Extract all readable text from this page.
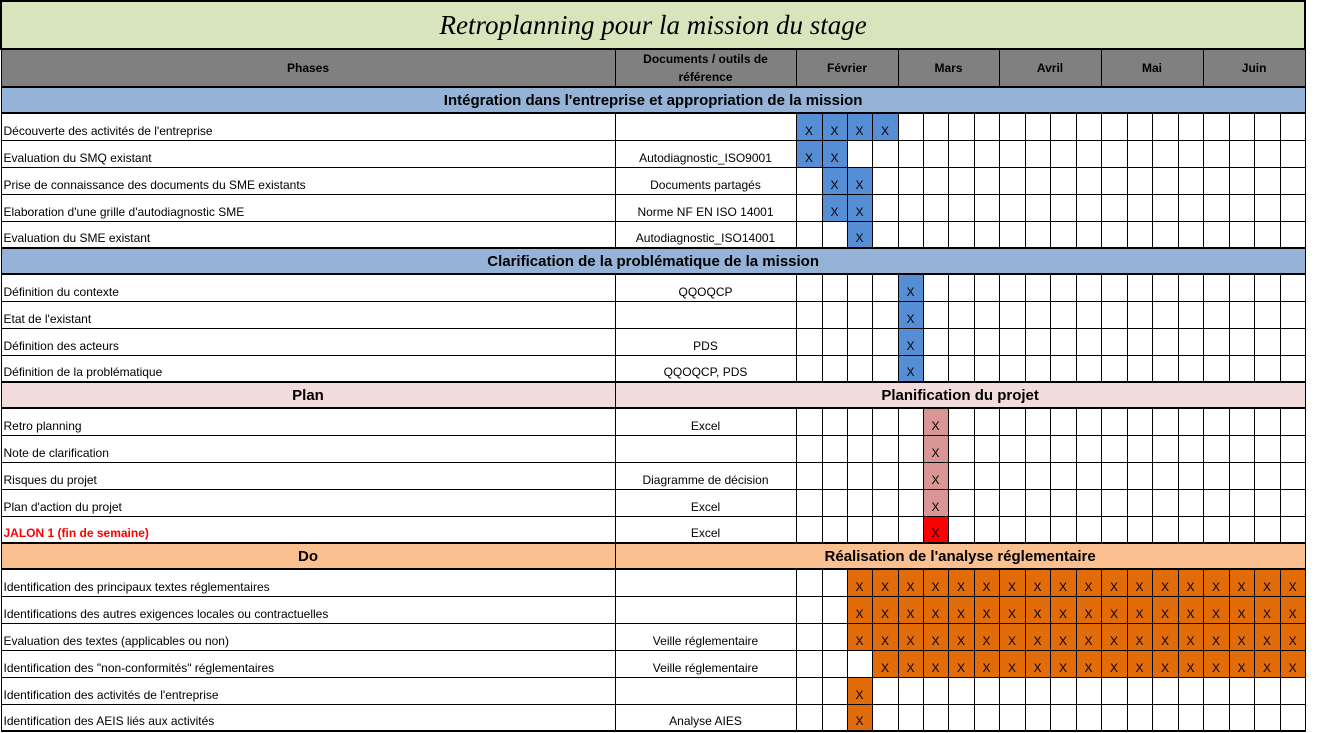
Retroplanning pour la mission du stage																					
Phases	Documents / outils de référence	Février				Mars				Avril				Mai				Juin			
Intégration dans l'entreprise et appropriation de la mission																					
Découverte des activités de l'entreprise		X	X	X	X																
Evaluation du SMQ existant	Autodiagnostic_ISO9001	X	X																		
Prise de connaissance des documents du SME existants	Documents partagés		X	X																	
Elaboration d'une grille d'autodiagnostic SME	Norme NF EN ISO 14001		X	X																	
Evaluation du SME existant	Autodiagnostic_ISO14001			X																	
Clarification de la problématique de la mission																					
Définition du contexte	QQOQCP					X															
Etat de l'existant						X															
Définition des acteurs	PDS					X															
Définition de la problématique	QQOQCP, PDS					X															
Plan	Planification du projet																				
Retro planning	Excel						X														
Note de clarification							X														
Risques du projet	Diagramme de décision						X														
Plan d'action du projet	Excel						X														
JALON 1 (fin de semaine)	Excel						X														
Do	Réalisation de l'analyse réglementaire																				
Identification des principaux textes réglementaires				X	X	X	X	X	X	X	X	X	X	X	X	X	X	X	X	X	X
Identifications des autres exigences locales ou contractuelles				X	X	X	X	X	X	X	X	X	X	X	X	X	X	X	X	X	X
Evaluation des textes (applicables ou non)	Veille réglementaire			X	X	X	X	X	X	X	X	X	X	X	X	X	X	X	X	X	X
Identification des "non-conformités" réglementaires	Veille réglementaire				X	X	X	X	X	X	X	X	X	X	X	X	X	X	X	X	X
Identification des activités de l'entreprise				X																	
Identification des AEIS liés aux activités	Analyse AIES			X																	
